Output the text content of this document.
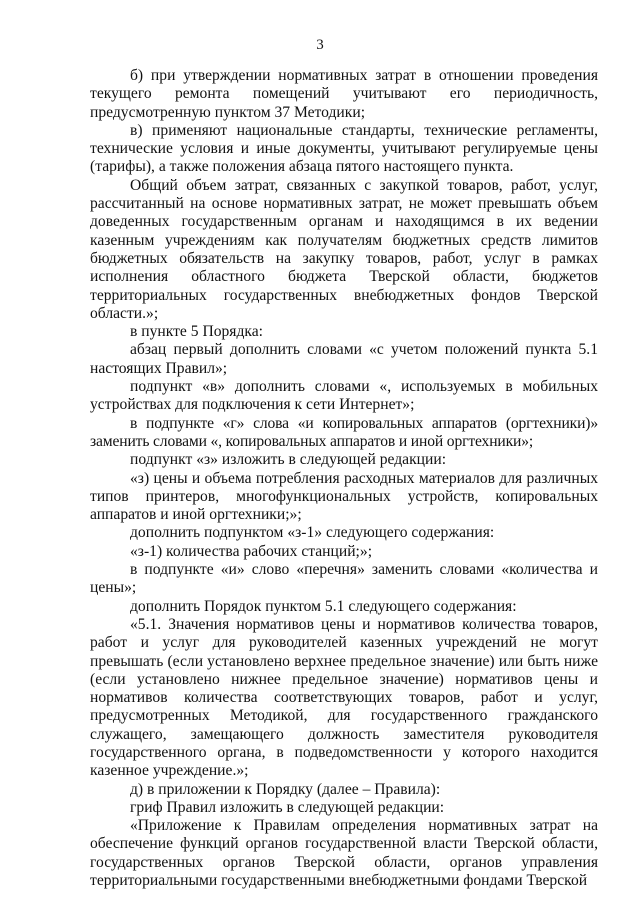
3

б) при утверждении нормативных затрат в отношении проведения текущего ремонта помещений учитывают его периодичность, предусмотренную пунктом 37 Методики;

в) применяют национальные стандарты, технические регламенты, технические условия и иные документы, учитывают регулируемые цены (тарифы), а также положения абзаца пятого настоящего пункта.

Общий объем затрат, связанных с закупкой товаров, работ, услуг, рассчитанный на основе нормативных затрат, не может превышать объем доведенных государственным органам и находящимся в их ведении казенным учреждениям как получателям бюджетных средств лимитов бюджетных обязательств на закупку товаров, работ, услуг в рамках исполнения областного бюджета Тверской области, бюджетов территориальных государственных внебюджетных фондов Тверской области.»;

в пункте 5 Порядка:

абзац первый дополнить словами «с учетом положений пункта 5.1 настоящих Правил»;

подпункт «в» дополнить словами «, используемых в мобильных устройствах для подключения к сети Интернет»;

в подпункте «г» слова «и копировальных аппаратов (оргтехники)» заменить словами «, копировальных аппаратов и иной оргтехники»;

подпункт «з» изложить в следующей редакции:

«з) цены и объема потребления расходных материалов для различных типов принтеров, многофункциональных устройств, копировальных аппаратов и иной оргтехники;»;

дополнить подпунктом «з-1» следующего содержания:

«з-1) количества рабочих станций;»;

в подпункте «и» слово «перечня» заменить словами «количества и цены»;

дополнить Порядок пунктом 5.1 следующего содержания:

«5.1. Значения нормативов цены и нормативов количества товаров, работ и услуг для руководителей казенных учреждений не могут превышать (если установлено верхнее предельное значение) или быть ниже (если установлено нижнее предельное значение) нормативов цены и нормативов количества соответствующих товаров, работ и услуг, предусмотренных Методикой, для государственного гражданского служащего, замещающего должность заместителя руководителя государственного органа, в подведомственности у которого находится казенное учреждение.»;

д) в приложении к Порядку (далее – Правила):

гриф Правил изложить в следующей редакции:

«Приложение к Правилам определения нормативных затрат на обеспечение функций органов государственной власти Тверской области, государственных органов Тверской области, органов управления территориальными государственными внебюджетными фондами Тверской
